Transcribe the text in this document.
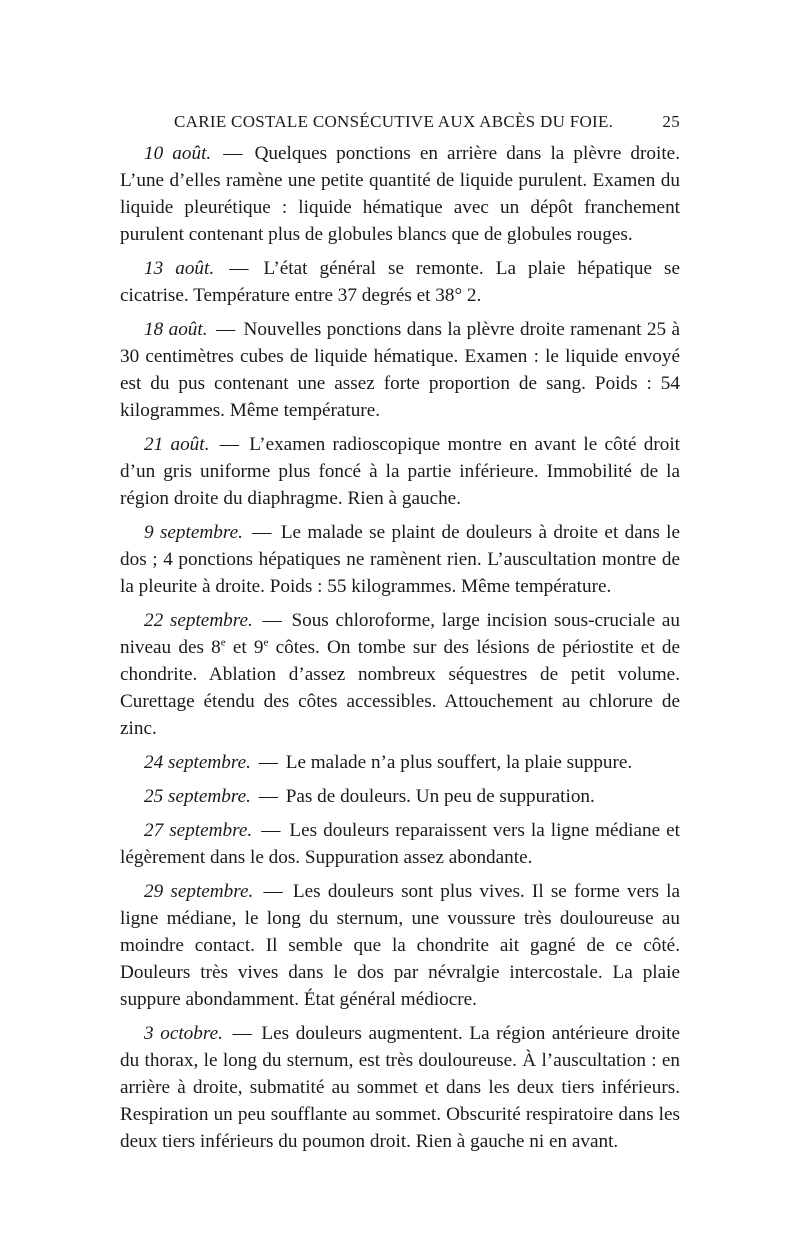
CARIE COSTALE CONSÉCUTIVE AUX ABCÈS DU FOIE.	25

10 août. — Quelques ponctions en arrière dans la plèvre droite. L’une d’elles ramène une petite quantité de liquide purulent. Examen du liquide pleurétique : liquide hématique avec un dépôt franchement purulent contenant plus de globules blancs que de globules rouges.

13 août. — L’état général se remonte. La plaie hépatique se cicatrise. Température entre 37 degrés et 38° 2.

18 août. — Nouvelles ponctions dans la plèvre droite ramenant 25 à 30 centimètres cubes de liquide hématique. Examen : le liquide envoyé est du pus contenant une assez forte proportion de sang. Poids : 54 kilogrammes. Même température.

21 août. — L’examen radioscopique montre en avant le côté droit d’un gris uniforme plus foncé à la partie inférieure. Immobilité de la région droite du diaphragme. Rien à gauche.

9 septembre. — Le malade se plaint de douleurs à droite et dans le dos ; 4 ponctions hépatiques ne ramènent rien. L’auscultation montre de la pleurite à droite. Poids : 55 kilogrammes. Même température.

22 septembre. — Sous chloroforme, large incision sous-cruciale au niveau des 8e et 9e côtes. On tombe sur des lésions de périostite et de chondrite. Ablation d’assez nombreux séquestres de petit volume. Curettage étendu des côtes accessibles. Attouchement au chlorure de zinc.

24 septembre. — Le malade n’a plus souffert, la plaie suppure.

25 septembre. — Pas de douleurs. Un peu de suppuration.

27 septembre. — Les douleurs reparaissent vers la ligne médiane et légèrement dans le dos. Suppuration assez abondante.

29 septembre. — Les douleurs sont plus vives. Il se forme vers la ligne médiane, le long du sternum, une voussure très douloureuse au moindre contact. Il semble que la chondrite ait gagné de ce côté. Douleurs très vives dans le dos par névralgie intercostale. La plaie suppure abondamment. État général médiocre.

3 octobre. — Les douleurs augmentent. La région antérieure droite du thorax, le long du sternum, est très douloureuse. À l’auscultation : en arrière à droite, submatité au sommet et dans les deux tiers inférieurs. Respiration un peu soufflante au sommet. Obscurité respiratoire dans les deux tiers inférieurs du poumon droit. Rien à gauche ni en avant.
